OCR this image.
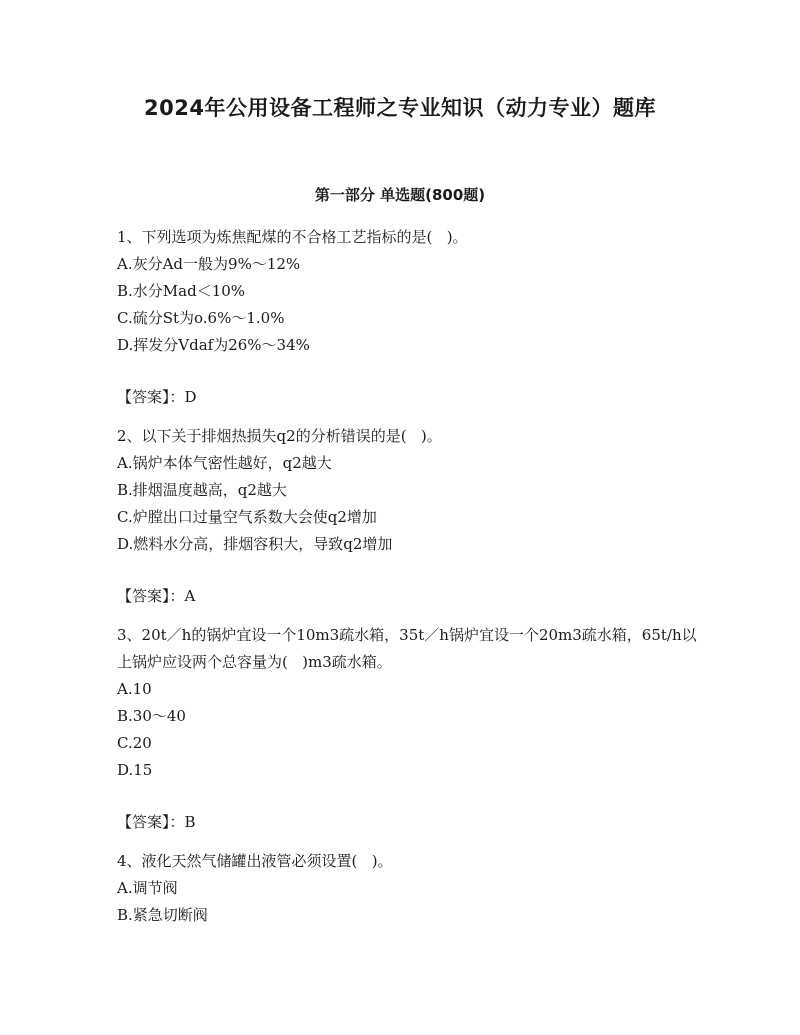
2024年公用设备工程师之专业知识（动力专业）题库
第一部分 单选题(800题)

1、下列选项为炼焦配煤的不合格工艺指标的是(   )。

A.灰分Ad一般为9%～12%

B.水分Mad＜10%

C.硫分St为o.6%～1.0%

D.挥发分Vdaf为26%～34%

【答案】：D

2、以下关于排烟热损失q2的分析错误的是(   )。

A.锅炉本体气密性越好，q2越大

B.排烟温度越高，q2越大

C.炉膛出口过量空气系数大会使q2增加

D.燃料水分高，排烟容积大，导致q2增加

【答案】：A

3、20t／h的锅炉宜设一个10m3疏水箱，35t／h锅炉宜设一个20m3疏水箱，65t/h以上锅炉应设两个总容量为(   )m3疏水箱。

A.10

B.30～40

C.20

D.15

【答案】：B

4、液化天然气储罐出液管必须设置(   )。

A.调节阀

B.紧急切断阀
